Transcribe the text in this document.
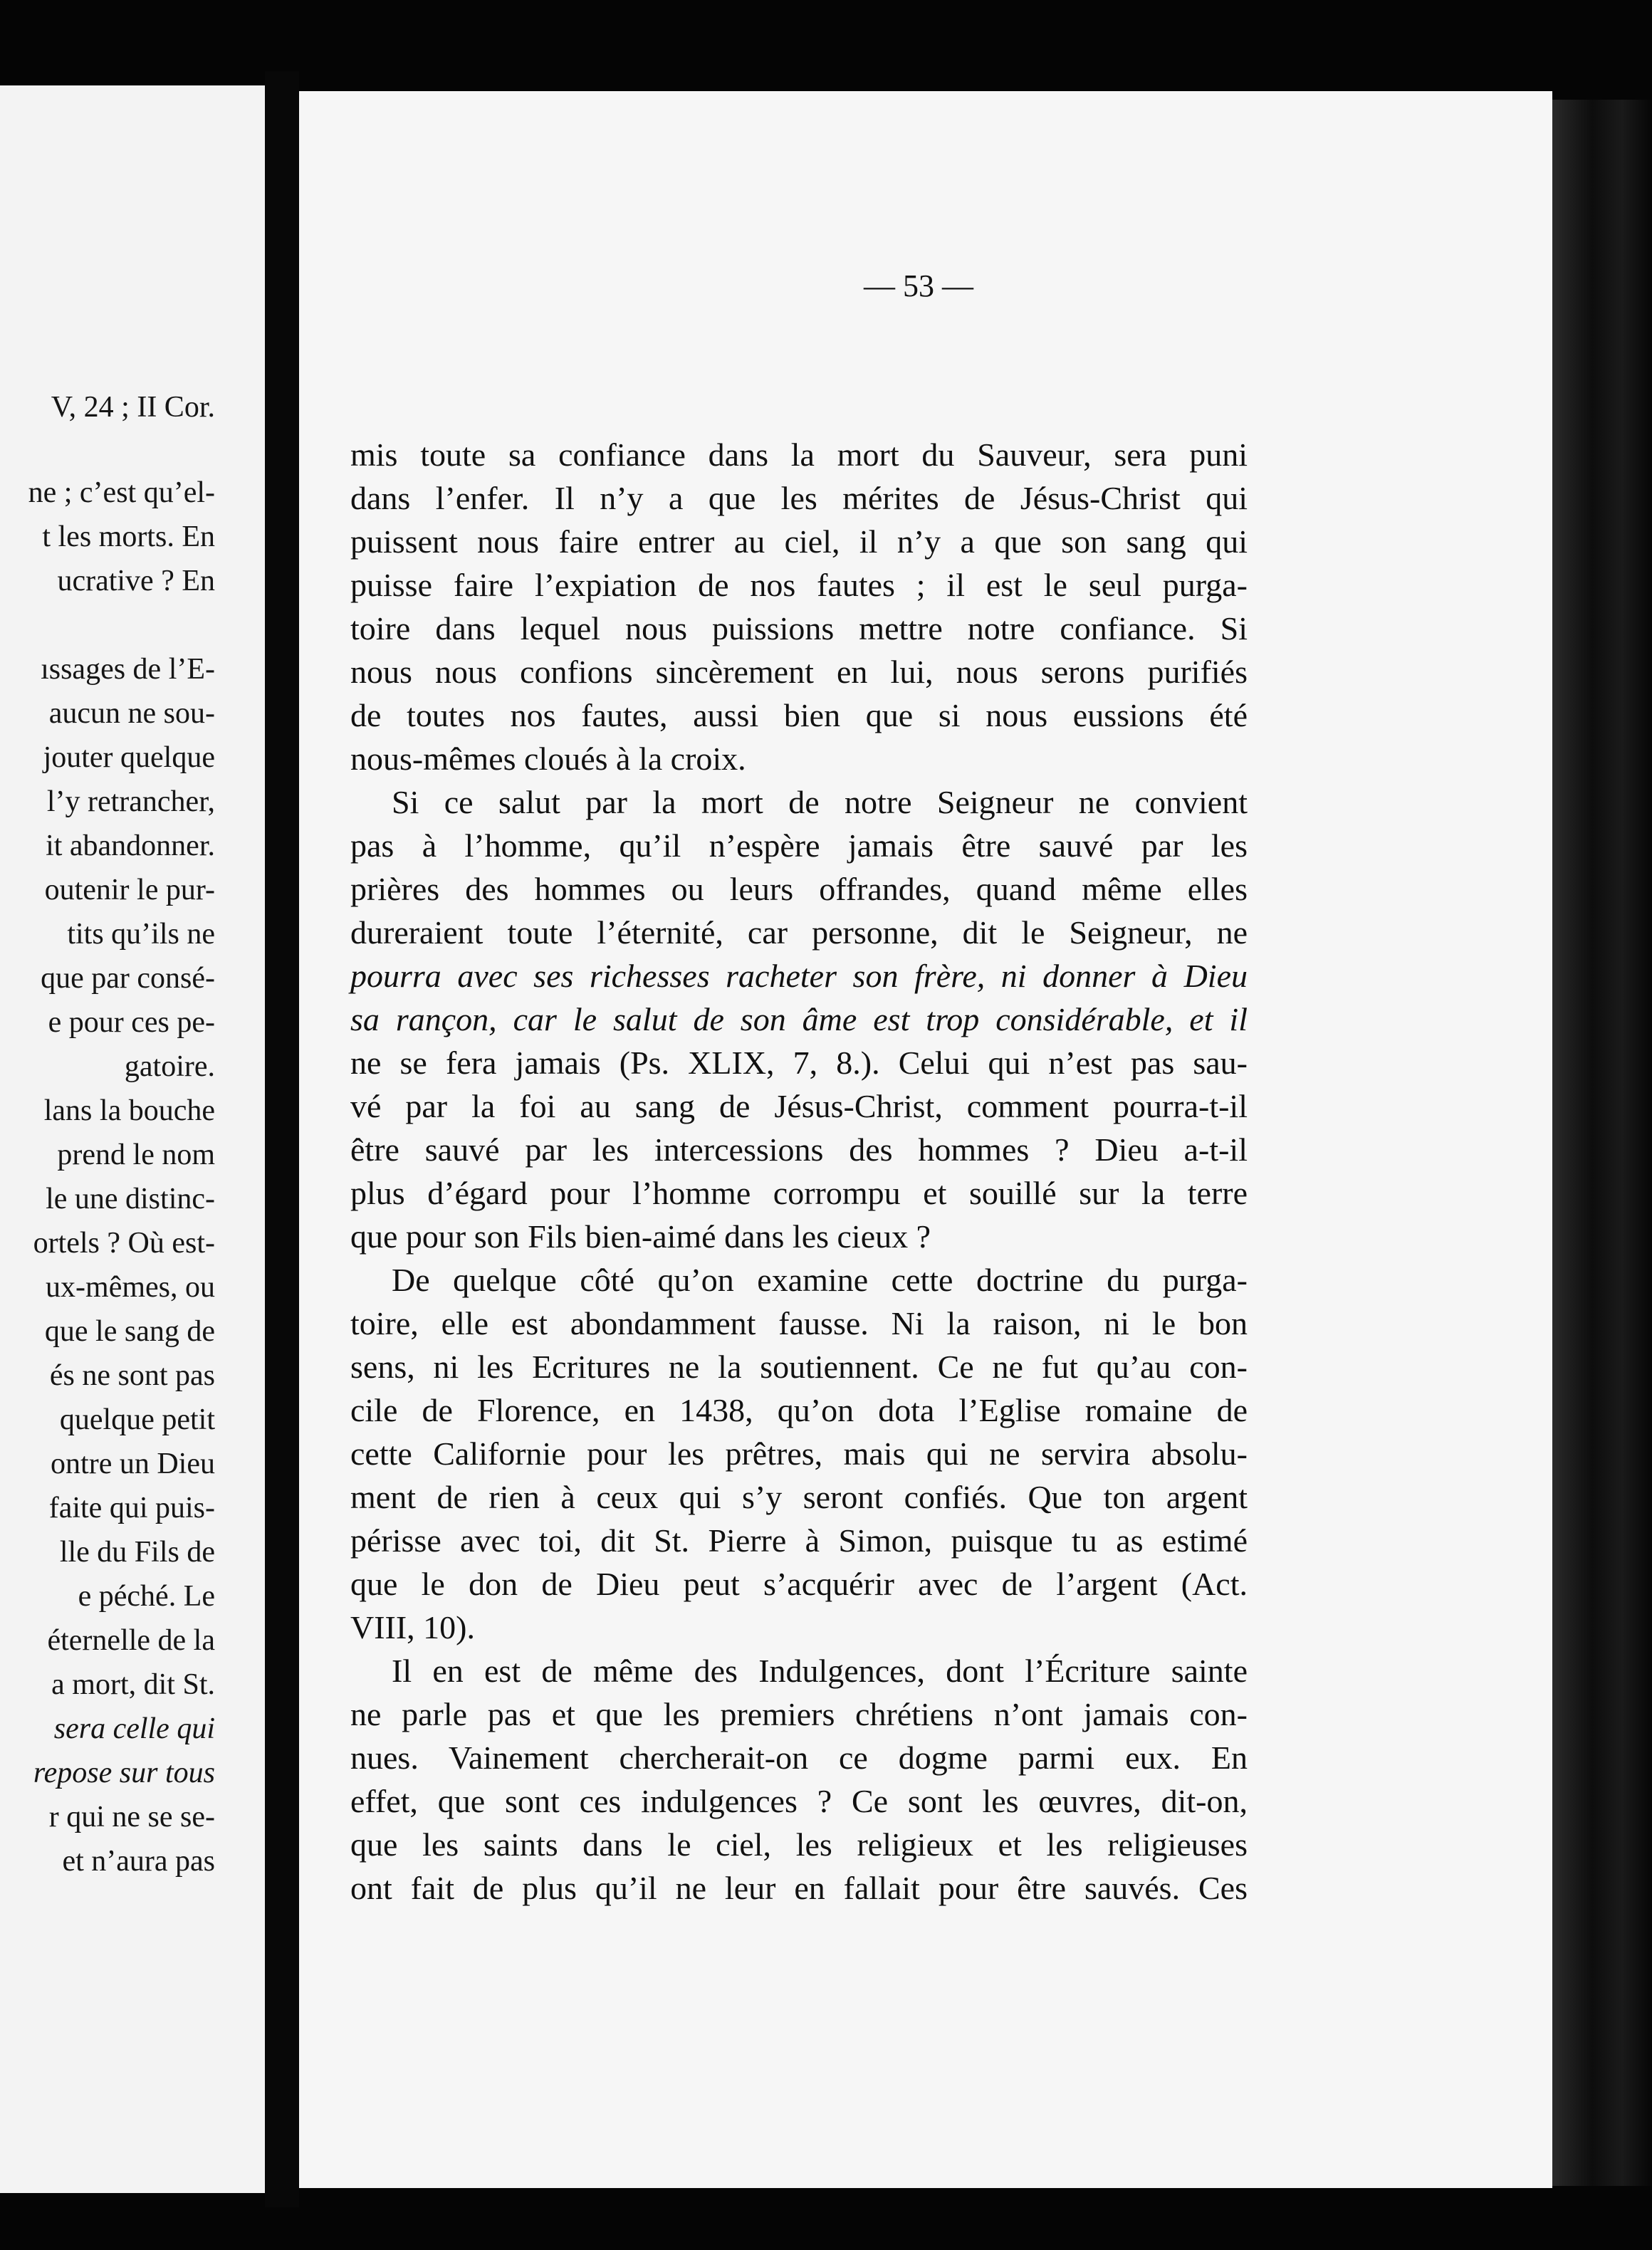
V, 24 ; II Cor.
ne ; c’est qu’el-
t les morts. En
ucrative ? En
ıssages de l’E-
aucun ne sou-
jouter quelque
l’y retrancher,
it abandonner.
outenir le pur-
tits qu’ils ne
que par consé-
e pour ces pe-
gatoire.
lans la bouche
prend le nom
le une distinc-
ortels ? Où est-
ux-mêmes, ou
que le sang de
és ne sont pas
quelque petit
ontre un Dieu
faite qui puis-
lle du Fils de
e péché. Le
éternelle de la
a mort, dit St.
sera celle qui
repose sur tous
r qui ne se se-
et n’aura pas
— 53 —
mis toute sa confiance dans la mort du Sauveur, sera puni
dans l’enfer. Il n’y a que les mérites de Jésus-Christ qui
puissent nous faire entrer au ciel, il n’y a que son sang qui
puisse faire l’expiation de nos fautes ; il est le seul purga-
toire dans lequel nous puissions mettre notre confiance. Si
nous nous confions sincèrement en lui, nous serons purifiés
de toutes nos fautes, aussi bien que si nous eussions été
nous-mêmes cloués à la croix.
Si ce salut par la mort de notre Seigneur ne convient
pas à l’homme, qu’il n’espère jamais être sauvé par les
prières des hommes ou leurs offrandes, quand même elles
dureraient toute l’éternité, car personne, dit le Seigneur, ne
pourra avec ses richesses racheter son frère, ni donner à Dieu
sa rançon, car le salut de son âme est trop considérable, et il
ne se fera jamais (Ps. XLIX, 7, 8.). Celui qui n’est pas sau-
vé par la foi au sang de Jésus-Christ, comment pourra-t-il
être sauvé par les intercessions des hommes ? Dieu a-t-il
plus d’égard pour l’homme corrompu et souillé sur la terre
que pour son Fils bien-aimé dans les cieux ?
De quelque côté qu’on examine cette doctrine du purga-
toire, elle est abondamment fausse. Ni la raison, ni le bon
sens, ni les Ecritures ne la soutiennent. Ce ne fut qu’au con-
cile de Florence, en 1438, qu’on dota l’Eglise romaine de
cette Californie pour les prêtres, mais qui ne servira absolu-
ment de rien à ceux qui s’y seront confiés. Que ton argent
périsse avec toi, dit St. Pierre à Simon, puisque tu as estimé
que le don de Dieu peut s’acquérir avec de l’argent (Act.
VIII, 10).
Il en est de même des Indulgences, dont l’Écriture sainte
ne parle pas et que les premiers chrétiens n’ont jamais con-
nues. Vainement chercherait-on ce dogme parmi eux. En
effet, que sont ces indulgences ? Ce sont les œuvres, dit-on,
que les saints dans le ciel, les religieux et les religieuses
ont fait de plus qu’il ne leur en fallait pour être sauvés. Ces
